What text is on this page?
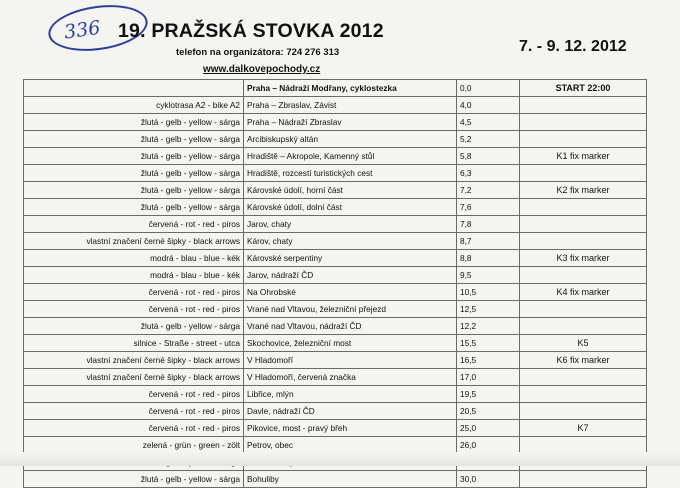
336 19. PRAŽSKÁ STOVKA 2012
telefon na organizátora: 724 276 313	7. - 9. 12. 2012
www.dalkovepochody.cz
	Praha – Nádraží Modřany, cyklostezka	0,0	START 22:00
cyklotrasa A2 - bike A2	Praha – Zbraslav, Závist	4,0	
žlutá - gelb - yellow - sárga	Praha – Nádraží Zbraslav	4,5	
žlutá - gelb - yellow - sárga	Arcibiskupský altán	5,2	
žlutá - gelb - yellow - sárga	Hradiště – Akropole, Kamenný stůl	5,8	K1 fix marker
žlutá - gelb - yellow - sárga	Hradiště, rozcestí turistických cest	6,3	
žlutá - gelb - yellow - sárga	Károvské údolí, horní část	7,2	K2 fix marker
žlutá - gelb - yellow - sárga	Károvské údolí, dolní část	7,6	
červená - rot - red - piros	Jarov, chaty	7,8	
vlastní značení černé šipky - black arrows	Károv, chaty	8,7	
modrá - blau - blue - kék	Károvské serpentiny	8,8	K3 fix marker
modrá - blau - blue - kék	Jarov, nádraží ČD	9,5	
červená - rot - red - piros	Na Ohrobské	10,5	K4 fix marker
červená - rot - red - piros	Vrané nad Vltavou, železniční přejezd	12,5	
žlutá - gelb - yellow - sárga	Vrané nad Vltavou, nádraží ČD	12,2	
silnice - Straße - street - utca	Skochovice, železniční most	15,5	K5
vlastní značení černé šipky - black arrows	V Hladomoří	16,5	K6 fix marker
vlastní značení černé šipky - black arrows	V Hladomoří, červená značka	17,0	
červená - rot - red - piros	Libřice, mlýn	19,5	
červená - rot - red - piros	Davle, nádraží ČD	20,5	
červená - rot - red - piros	Pikovice, most - pravý břeh	25,0	K7
zelená - grün - green - zölt	Petrov, obec	26,0	

žlutá - gelb - yellow - sárga	Bohuliby	30,0	
